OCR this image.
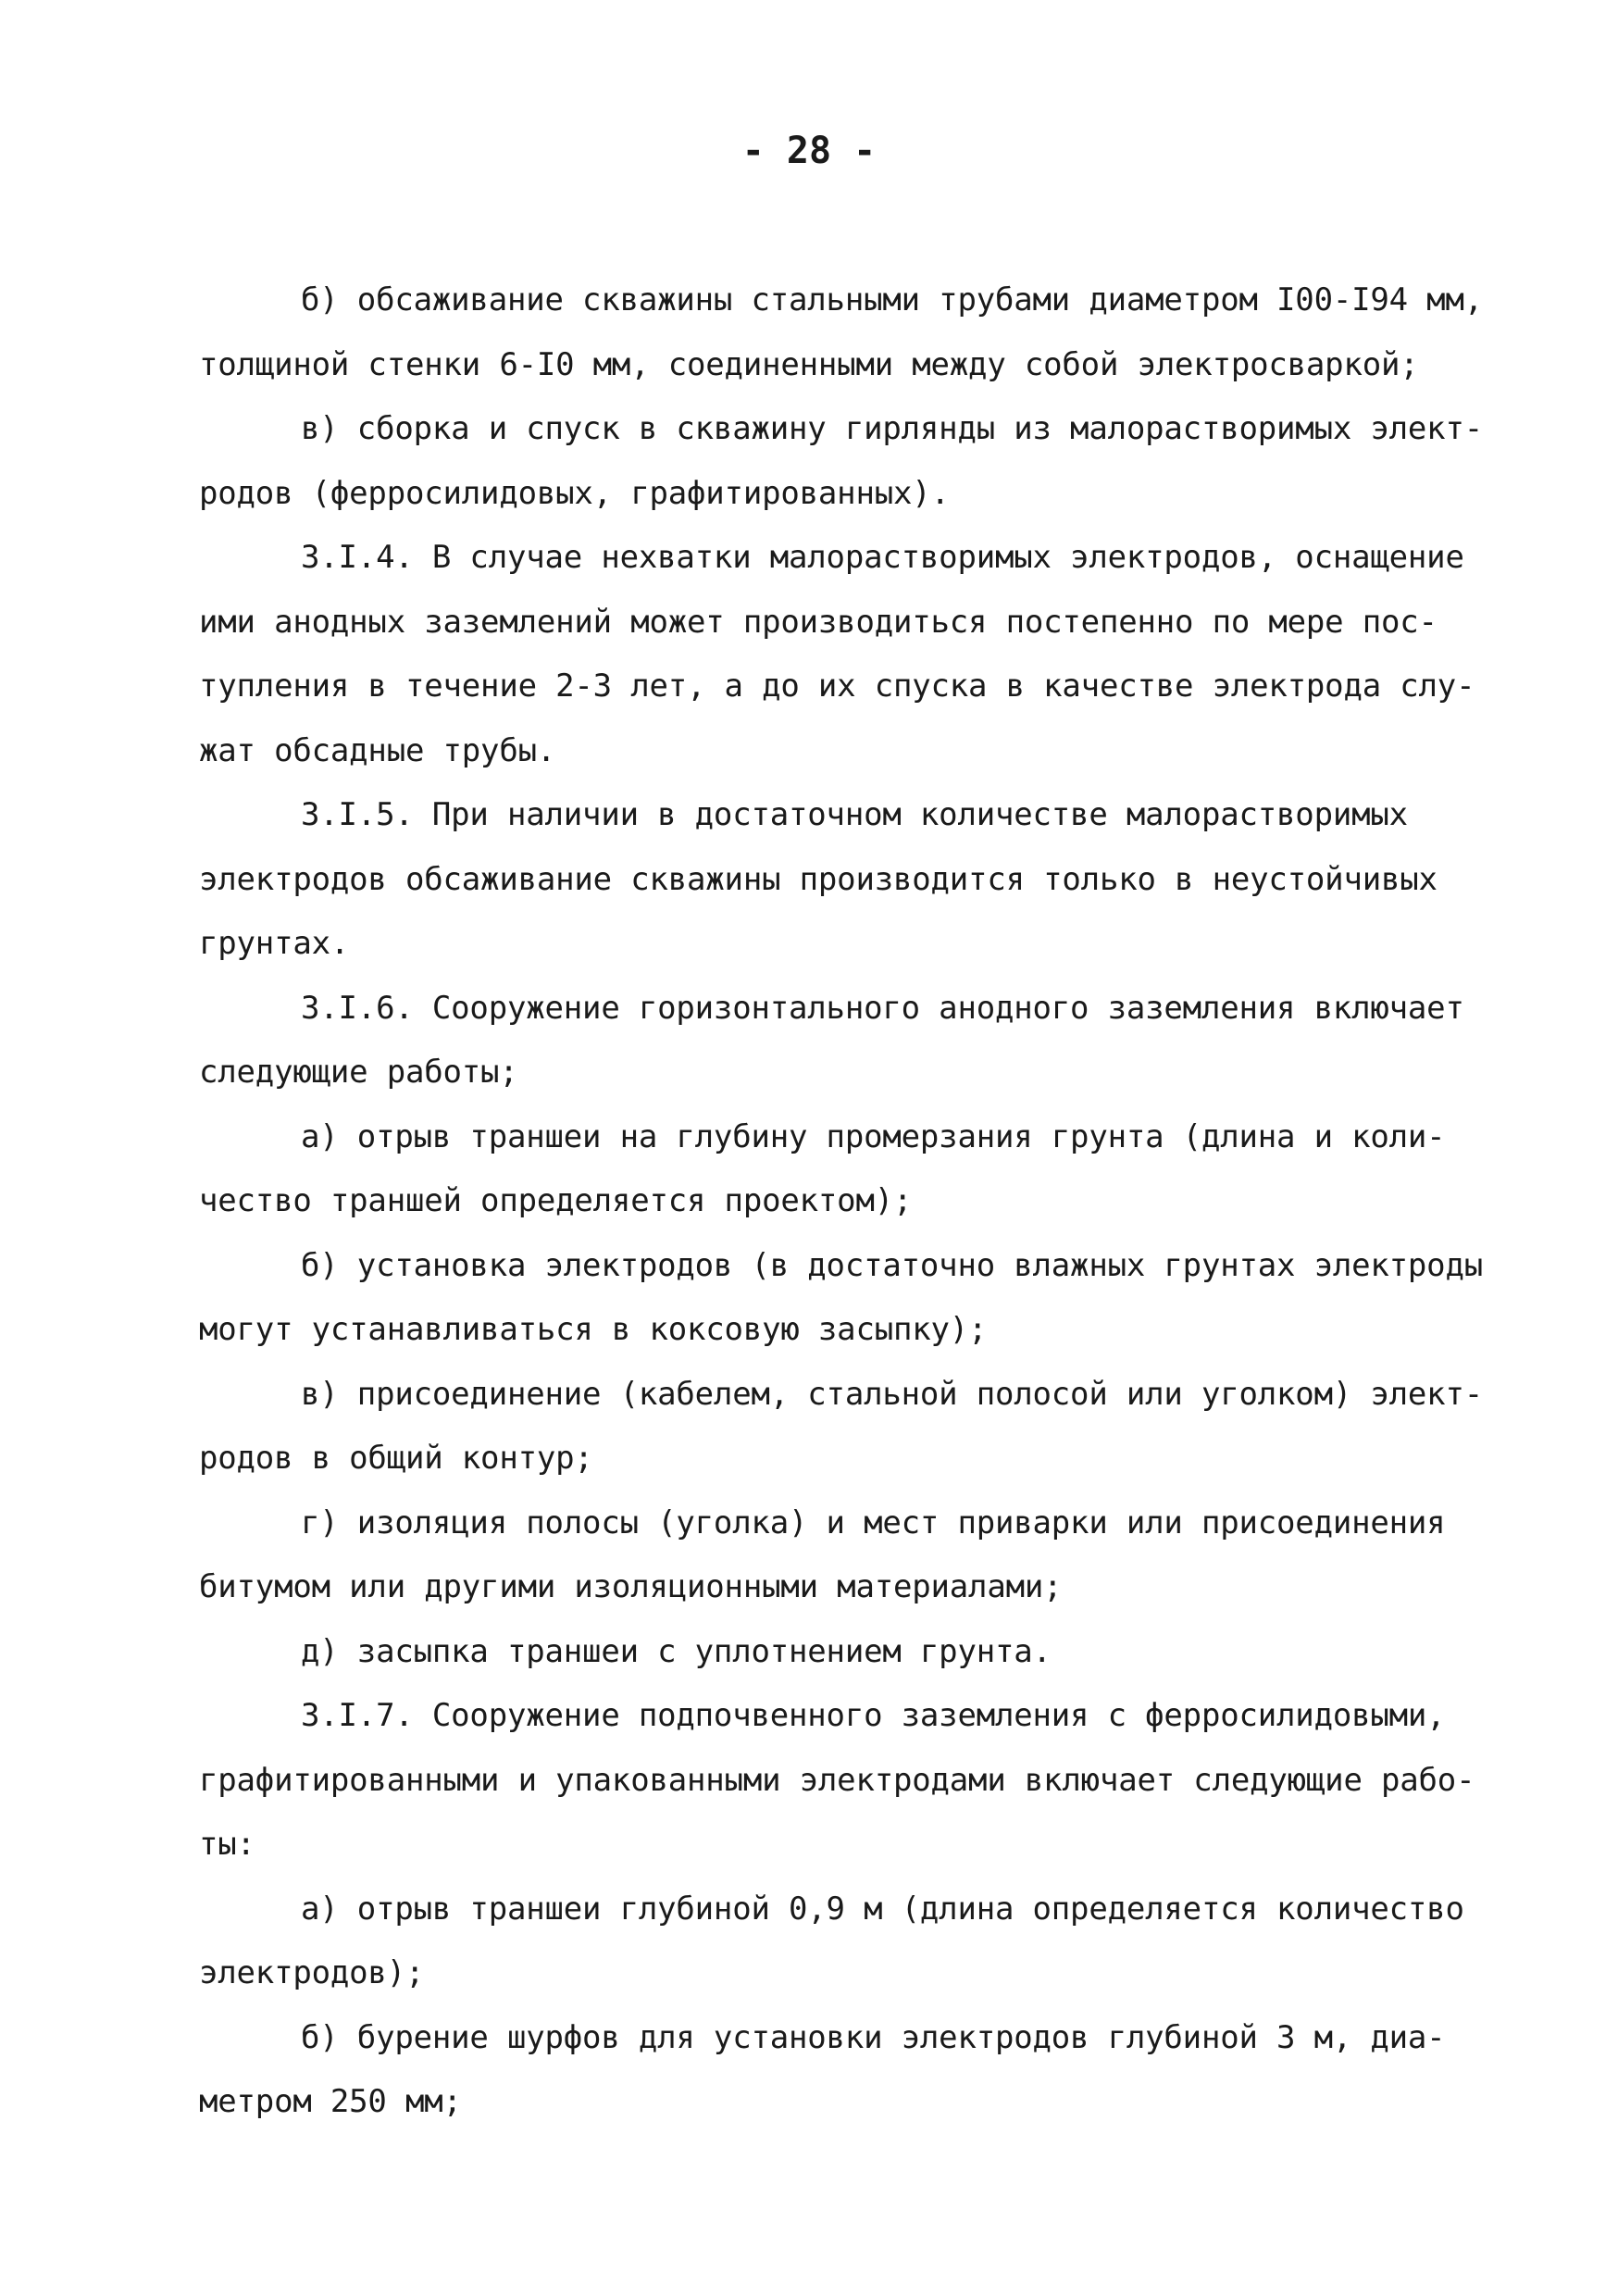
- 28 -
б) обсаживание скважины стальными трубами диаметром I00-I94 мм,
толщиной стенки 6-I0 мм, соединенными между собой электросваркой;
в) сборка и спуск в скважину гирлянды из малорастворимых элект-
родов (ферросилидовых, графитированных).
3.I.4. В случае нехватки малорастворимых электродов, оснащение
ими анодных заземлений может производиться постепенно по мере пос-
тупления в течение 2-3 лет, а до их спуска в качестве электрода слу-
жат обсадные трубы.
3.I.5. При наличии в достаточном количестве малорастворимых
электродов обсаживание скважины производится только в неустойчивых
грунтах.
3.I.6. Сооружение горизонтального анодного заземления включает
следующие работы;
а) отрыв траншеи на глубину промерзания грунта (длина и коли-
чество траншей определяется проектом);
б) установка электродов (в достаточно влажных грунтах электроды
могут устанавливаться в коксовую засыпку);
в) присоединение (кабелем, стальной полосой или уголком) элект-
родов в общий контур;
г) изоляция полосы (уголка) и мест приварки или присоединения
битумом или другими изоляционными материалами;
д) засыпка траншеи с уплотнением грунта.
3.I.7. Сооружение подпочвенного заземления с ферросилидовыми,
графитированными и упакованными электродами включает следующие рабо-
ты:
а) отрыв траншеи глубиной 0,9 м (длина определяется количество
электродов);
б) бурение шурфов для установки электродов глубиной 3 м, диа-
метром 250 мм;
